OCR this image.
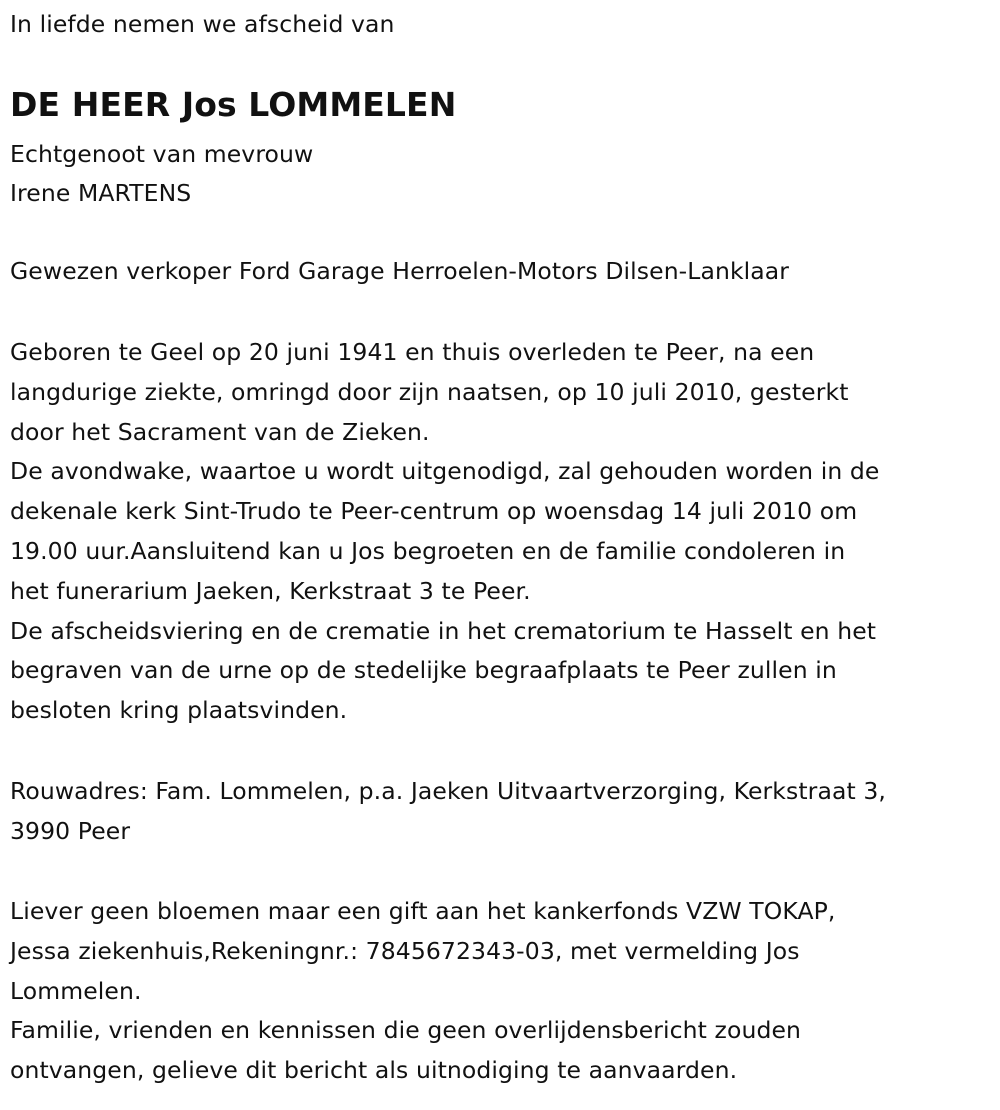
In liefde nemen we afscheid van
DE HEER Jos LOMMELEN
Echtgenoot van mevrouw
Irene MARTENS
Gewezen verkoper Ford Garage Herroelen-Motors Dilsen-Lanklaar
Geboren te Geel op 20 juni 1941 en thuis overleden te Peer, na een
langdurige ziekte, omringd door zijn naatsen, op 10 juli 2010, gesterkt
door het Sacrament van de Zieken.
De avondwake, waartoe u wordt uitgenodigd, zal gehouden worden in de
dekenale kerk Sint-Trudo te Peer-centrum op woensdag 14 juli 2010 om
19.00 uur.Aansluitend kan u Jos begroeten en de familie condoleren in
het funerarium Jaeken, Kerkstraat 3 te Peer.
De afscheidsviering en de crematie in het crematorium te Hasselt en het
begraven van de urne op de stedelijke begraafplaats te Peer zullen in
besloten kring plaatsvinden.
Rouwadres: Fam. Lommelen, p.a. Jaeken Uitvaartverzorging, Kerkstraat 3,
3990 Peer
Liever geen bloemen maar een gift aan het kankerfonds VZW TOKAP,
Jessa ziekenhuis,Rekeningnr.: 7845672343-03, met vermelding Jos
Lommelen.
Familie, vrienden en kennissen die geen overlijdensbericht zouden
ontvangen, gelieve dit bericht als uitnodiging te aanvaarden.
